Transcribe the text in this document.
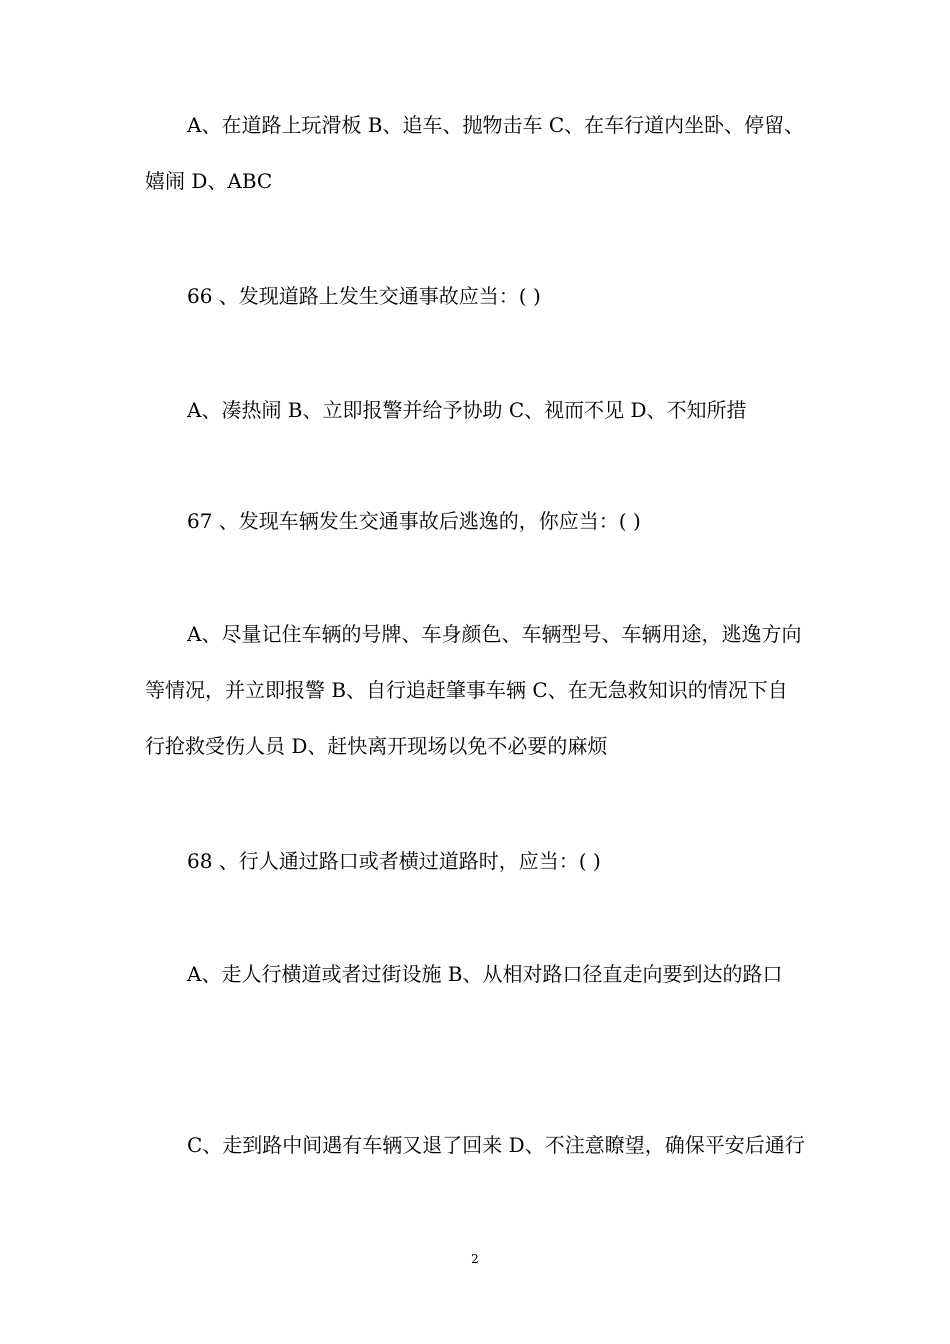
A、在道路上玩滑板 B、追车、抛物击车 C、在车行道内坐卧、停留、嬉闹 D、ABC

66 、发现道路上发生交通事故应当：( )

A、凑热闹 B、立即报警并给予协助 C、视而不见 D、不知所措

67 、发现车辆发生交通事故后逃逸的，你应当：( )

A、尽量记住车辆的号牌、车身颜色、车辆型号、车辆用途，逃逸方向等情况，并立即报警 B、自行追赶肇事车辆 C、在无急救知识的情况下自行抢救受伤人员 D、赶快离开现场以免不必要的麻烦

68 、行人通过路口或者横过道路时，应当：( )

A、走人行横道或者过街设施 B、从相对路口径直走向要到达的路口

C、走到路中间遇有车辆又退了回来 D、不注意瞭望，确保平安后通行

2
